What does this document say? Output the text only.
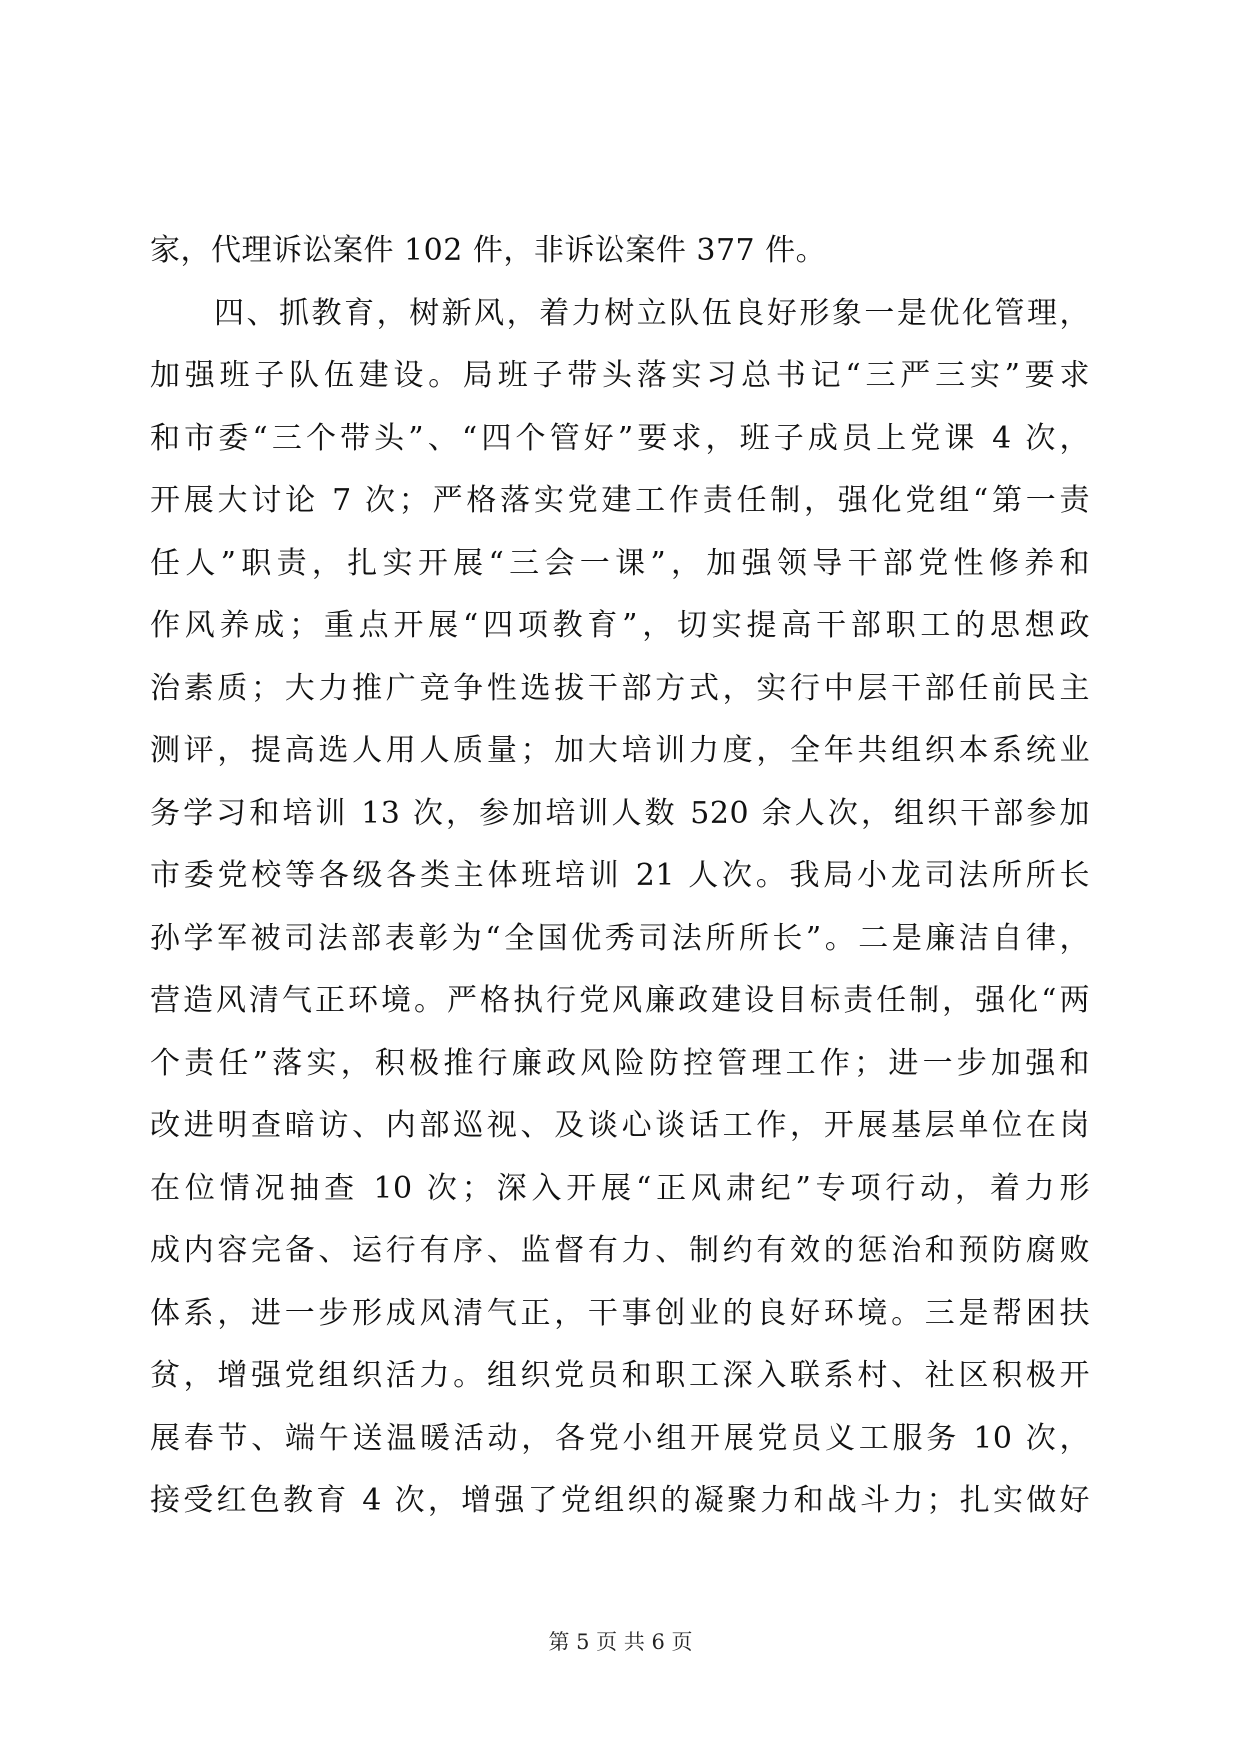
家，代理诉讼案件 102 件，非诉讼案件 377 件。
四、抓教育，树新风，着力树立队伍良好形象一是优化管理，
加强班子队伍建设。局班子带头落实习总书记“三严三实”要求
和市委“三个带头”、“四个管好”要求，班子成员上党课 4 次，
开展大讨论 7 次；严格落实党建工作责任制，强化党组“第一责
任人”职责，扎实开展“三会一课”，加强领导干部党性修养和
作风养成；重点开展“四项教育”，切实提高干部职工的思想政
治素质；大力推广竞争性选拔干部方式，实行中层干部任前民主
测评，提高选人用人质量；加大培训力度，全年共组织本系统业
务学习和培训 13 次，参加培训人数 520 余人次，组织干部参加
市委党校等各级各类主体班培训 21 人次。我局小龙司法所所长
孙学军被司法部表彰为“全国优秀司法所所长”。二是廉洁自律，
营造风清气正环境。严格执行党风廉政建设目标责任制，强化“两
个责任”落实，积极推行廉政风险防控管理工作；进一步加强和
改进明查暗访、内部巡视、及谈心谈话工作，开展基层单位在岗
在位情况抽查 10 次；深入开展“正风肃纪”专项行动，着力形
成内容完备、运行有序、监督有力、制约有效的惩治和预防腐败
体系，进一步形成风清气正，干事创业的良好环境。三是帮困扶
贫，增强党组织活力。组织党员和职工深入联系村、社区积极开
展春节、端午送温暖活动，各党小组开展党员义工服务 10 次，
接受红色教育 4 次，增强了党组织的凝聚力和战斗力；扎实做好
第 5 页 共 6 页
